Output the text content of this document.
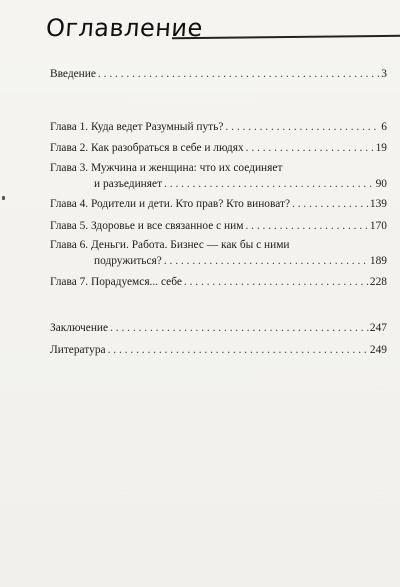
Оглавление
Введение . . .	3
Глава 1. Куда ведет Разумный путь? . . .	6
Глава 2. Как разобраться в себе и людях . . .	19
Глава 3. Мужчина и женщина: что их соединяет
и разъединяет . . .	90
Глава 4. Родители и дети. Кто прав? Кто виноват? . . .	139
Глава 5. Здоровье и все связанное с ним . . .	170
Глава 6. Деньги. Работа. Бизнес — как бы с ними
подружиться? . . .	189
Глава 7. Порадуемся... себе . . .	228
Заключение . . .	247
Литература . . .	249
